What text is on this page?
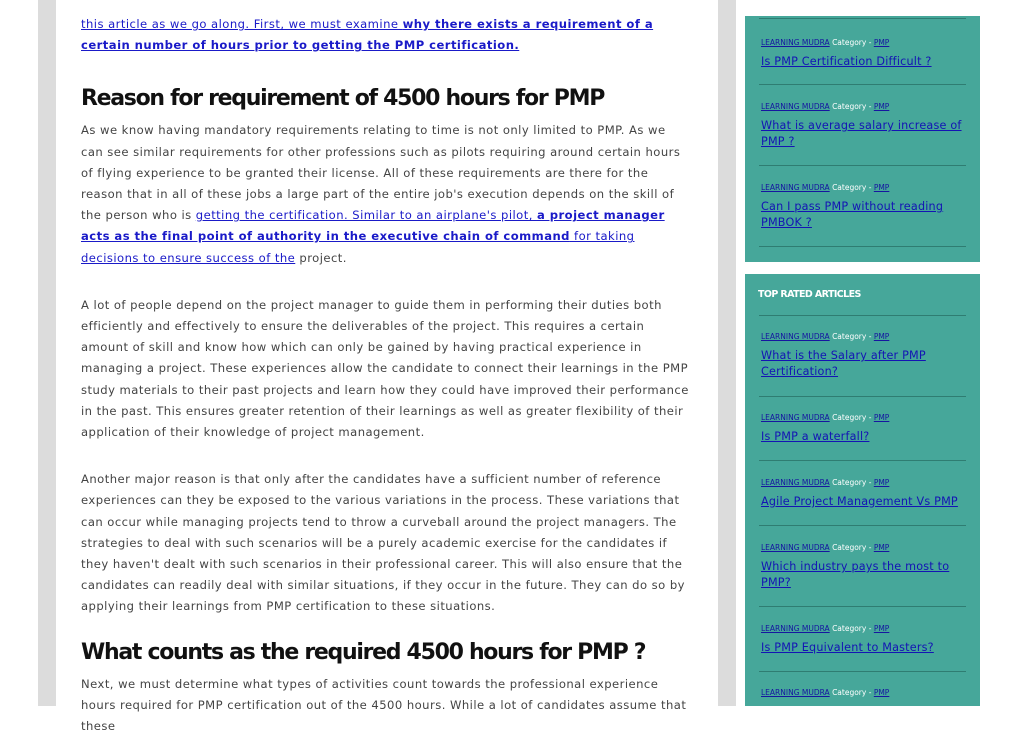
this article as we go along. First, we must examine why there exists a requirement of a certain number of hours prior to getting the PMP certification.

Reason for requirement of 4500 hours for PMP

As we know having mandatory requirements relating to time is not only limited to PMP. As we can see similar requirements for other professions such as pilots requiring around certain hours of flying experience to be granted their license. All of these requirements are there for the reason that in all of these jobs a large part of the entire job's execution depends on the skill of the person who is getting the certification. Similar to an airplane's pilot, a project manager acts as the final point of authority in the executive chain of command for taking decisions to ensure success of the project.

A lot of people depend on the project manager to guide them in performing their duties both efficiently and effectively to ensure the deliverables of the project. This requires a certain amount of skill and know how which can only be gained by having practical experience in managing a project. These experiences allow the candidate to connect their learnings in the PMP study materials to their past projects and learn how they could have improved their performance in the past. This ensures greater retention of their learnings as well as greater flexibility of their application of their knowledge of project management.

Another major reason is that only after the candidates have a sufficient number of reference experiences can they be exposed to the various variations in the process. These variations that can occur while managing projects tend to throw a curveball around the project managers. The strategies to deal with such scenarios will be a purely academic exercise for the candidates if they haven't dealt with such scenarios in their professional career. This will also ensure that the candidates can readily deal with similar situations, if they occur in the future. They can do so by applying their learnings from PMP certification to these situations.

What counts as the required 4500 hours for PMP ?

Next, we must determine what types of activities count towards the professional experience hours required for PMP certification out of the 4500 hours. While a lot of candidates assume that these

LEARNING MUDRA Category - PMP
Is PMP Certification Difficult ?
LEARNING MUDRA Category - PMP
What is average salary increase of PMP ?
LEARNING MUDRA Category - PMP
Can I pass PMP without reading PMBOK ?
TOP RATED ARTICLES
LEARNING MUDRA Category - PMP
What is the Salary after PMP Certification?
LEARNING MUDRA Category - PMP
Is PMP a waterfall?
LEARNING MUDRA Category - PMP
Agile Project Management Vs PMP
LEARNING MUDRA Category - PMP
Which industry pays the most to PMP?
LEARNING MUDRA Category - PMP
Is PMP Equivalent to Masters?
LEARNING MUDRA Category - PMP
